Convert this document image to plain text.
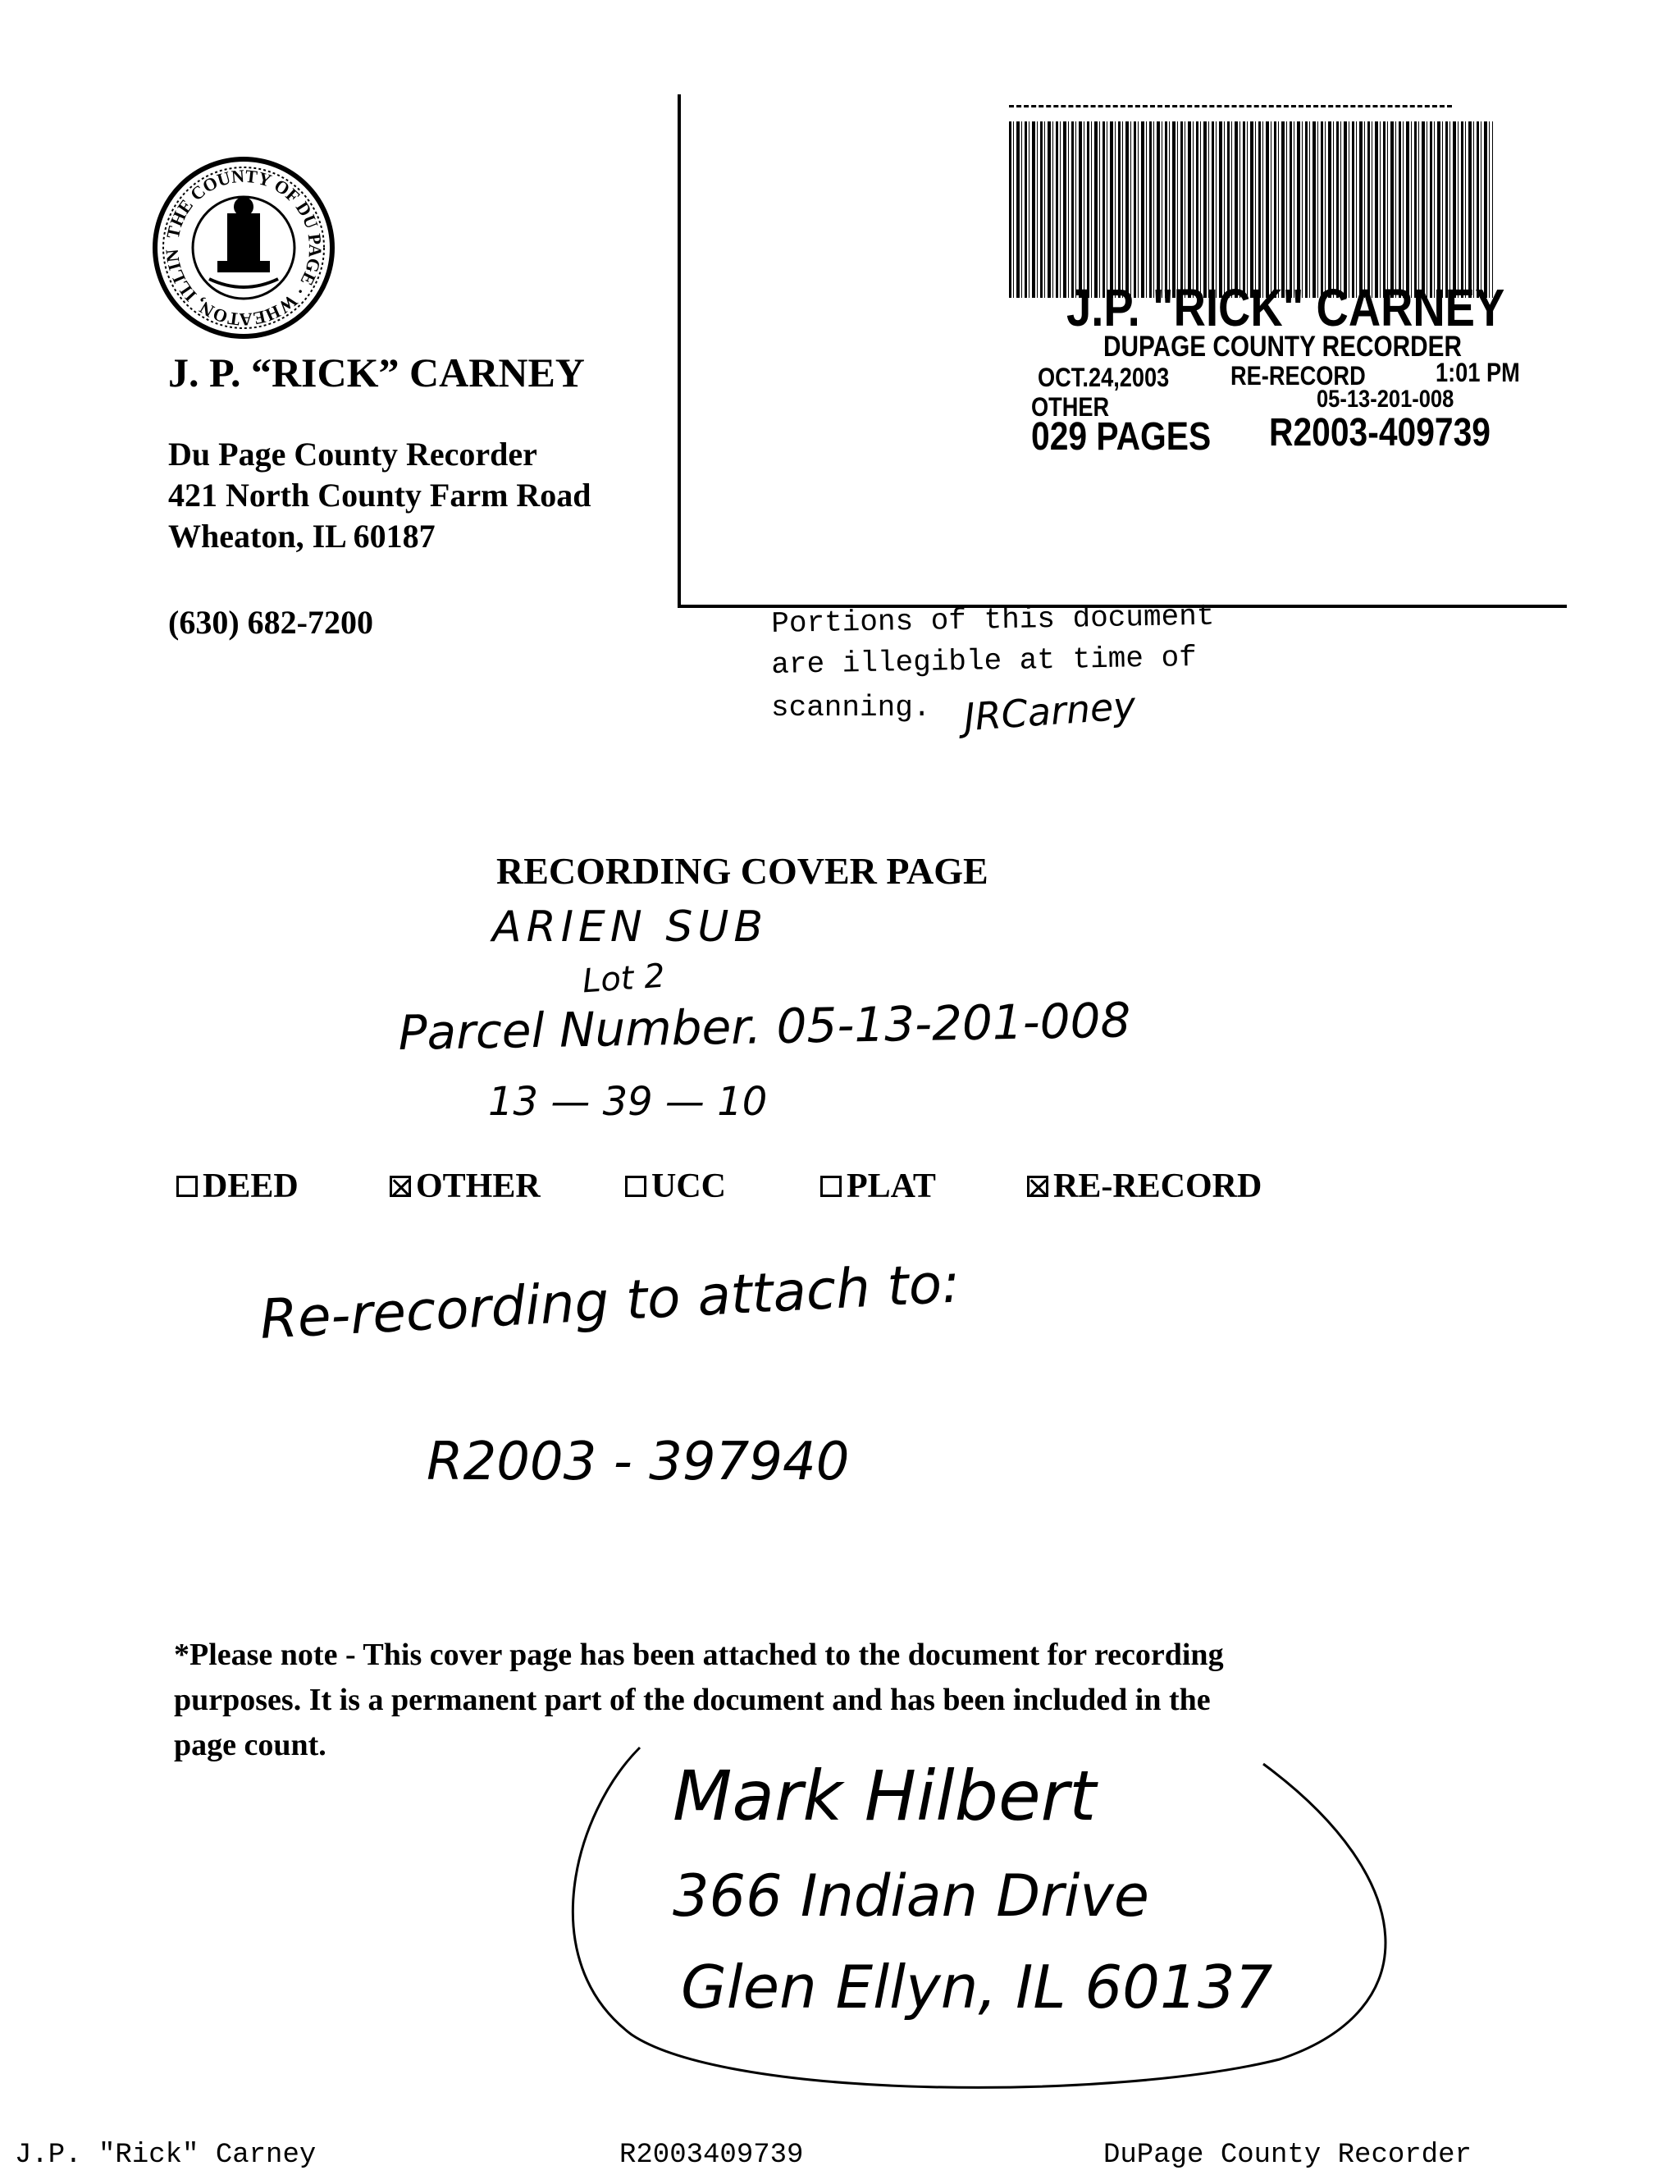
THE COUNTY OF DU PAGE · WHEATON, ILLIN
J. P. “RICK” CARNEY
Du Page County Recorder
421 North County Farm Road
Wheaton, IL 60187
(630) 682-7200
J.P. "RICK" CARNEY
DUPAGE COUNTY RECORDER
OCT.24,2003 RE-RECORD	1:01 PM
OTHER	05-13-201-008
029 PAGES R2003-409739
Portions of this document
are illegible at time of
scanning. JRCarney
RECORDING COVER PAGE
ARIEN SUB
Lot 2
Parcel Number. 05-13-201-008
13 — 39 — 10
DEED	OTHER	UCC	PLAT	RE-RECORD
Re-recording to attach to:
R2003 - 397940
*Please note - This cover page has been attached to the document for recording
purposes. It is a permanent part of the document and has been included in the
page count.
Mark Hilbert
366 Indian Drive
Glen Ellyn, IL 60137
J.P. "Rick" Carney	R2003409739	DuPage County Recorder
